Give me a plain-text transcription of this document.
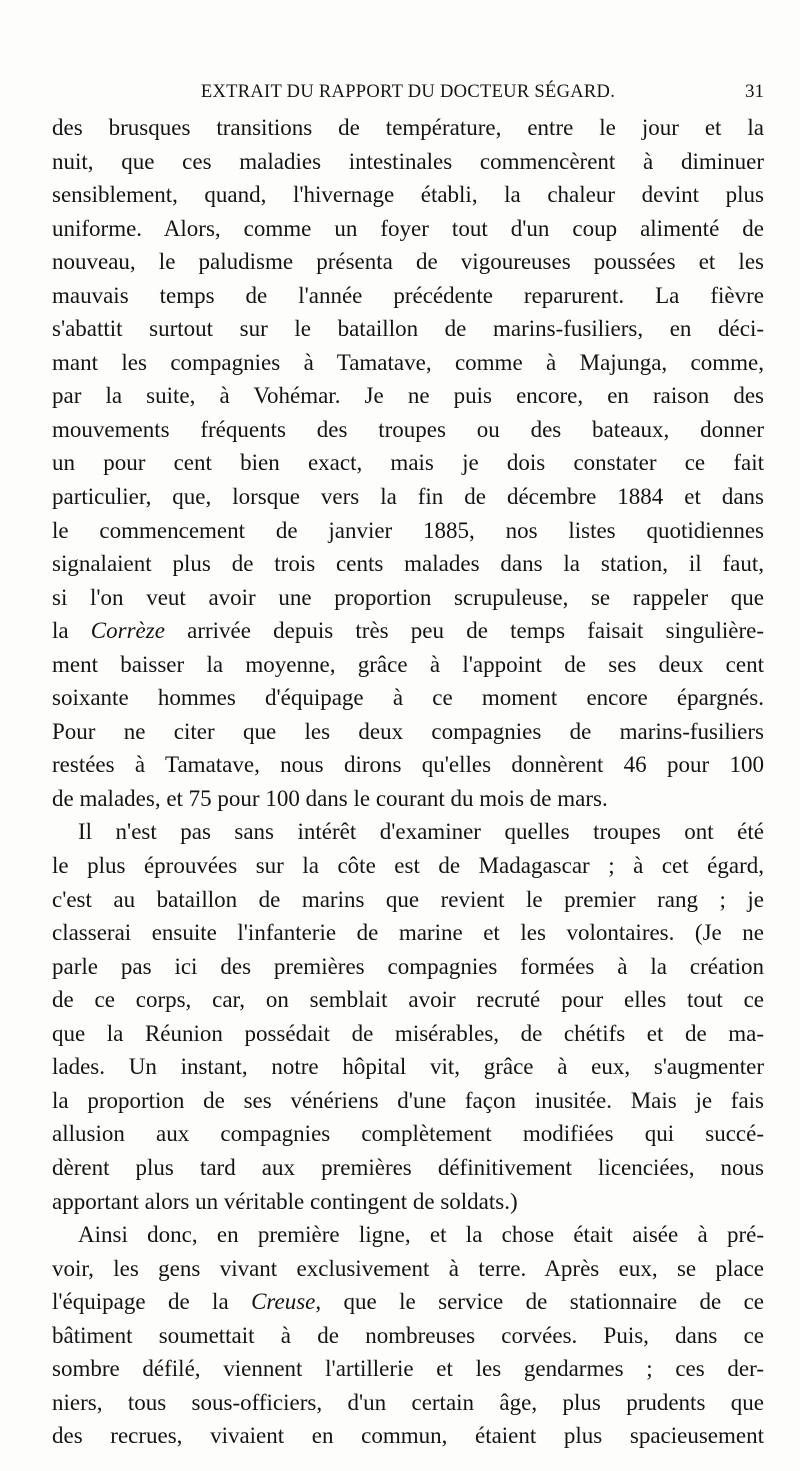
EXTRAIT DU RAPPORT DU DOCTEUR SÉGARD.	31
des brusques transitions de température, entre le jour et la
nuit, que ces maladies intestinales commencèrent à diminuer
sensiblement, quand, l'hivernage établi, la chaleur devint plus
uniforme. Alors, comme un foyer tout d'un coup alimenté de
nouveau, le paludisme présenta de vigoureuses poussées et les
mauvais temps de l'année précédente reparurent. La fièvre
s'abattit surtout sur le bataillon de marins-fusiliers, en déci-
mant les compagnies à Tamatave, comme à Majunga, comme,
par la suite, à Vohémar. Je ne puis encore, en raison des
mouvements fréquents des troupes ou des bateaux, donner
un pour cent bien exact, mais je dois constater ce fait
particulier, que, lorsque vers la fin de décembre 1884 et dans
le commencement de janvier 1885, nos listes quotidiennes
signalaient plus de trois cents malades dans la station, il faut,
si l'on veut avoir une proportion scrupuleuse, se rappeler que
la Corrèze arrivée depuis très peu de temps faisait singulière-
ment baisser la moyenne, grâce à l'appoint de ses deux cent
soixante hommes d'équipage à ce moment encore épargnés.
Pour ne citer que les deux compagnies de marins-fusiliers
restées à Tamatave, nous dirons qu'elles donnèrent 46 pour 100
de malades, et 75 pour 100 dans le courant du mois de mars.
Il n'est pas sans intérêt d'examiner quelles troupes ont été
le plus éprouvées sur la côte est de Madagascar ; à cet égard,
c'est au bataillon de marins que revient le premier rang ; je
classerai ensuite l'infanterie de marine et les volontaires. (Je ne
parle pas ici des premières compagnies formées à la création
de ce corps, car, on semblait avoir recruté pour elles tout ce
que la Réunion possédait de misérables, de chétifs et de ma-
lades. Un instant, notre hôpital vit, grâce à eux, s'augmenter
la proportion de ses vénériens d'une façon inusitée. Mais je fais
allusion aux compagnies complètement modifiées qui succé-
dèrent plus tard aux premières définitivement licenciées, nous
apportant alors un véritable contingent de soldats.)
Ainsi donc, en première ligne, et la chose était aisée à pré-
voir, les gens vivant exclusivement à terre. Après eux, se place
l'équipage de la Creuse, que le service de stationnaire de ce
bâtiment soumettait à de nombreuses corvées. Puis, dans ce
sombre défilé, viennent l'artillerie et les gendarmes ; ces der-
niers, tous sous-officiers, d'un certain âge, plus prudents que
des recrues, vivaient en commun, étaient plus spacieusement
